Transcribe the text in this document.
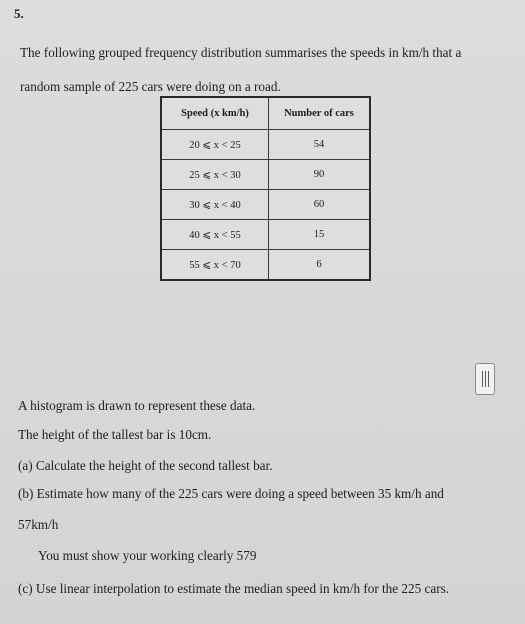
5.
The following grouped frequency distribution summarises the speeds in km/h that a
random sample of 225 cars were doing on a road.
Speed (x km/h)	Number of cars
20 ⩽ x < 25	54
25 ⩽ x < 30	90
30 ⩽ x < 40	60
40 ⩽ x < 55	15
55 ⩽ x < 70	6
A histogram is drawn to represent these data.
The height of the tallest bar is 10cm.
(a) Calculate the height of the second tallest bar.
(b) Estimate how many of the 225 cars were doing a speed between 35 km/h and
57km/h
You must show your working clearly 579
(c) Use linear interpolation to estimate the median speed in km/h for the 225 cars.
